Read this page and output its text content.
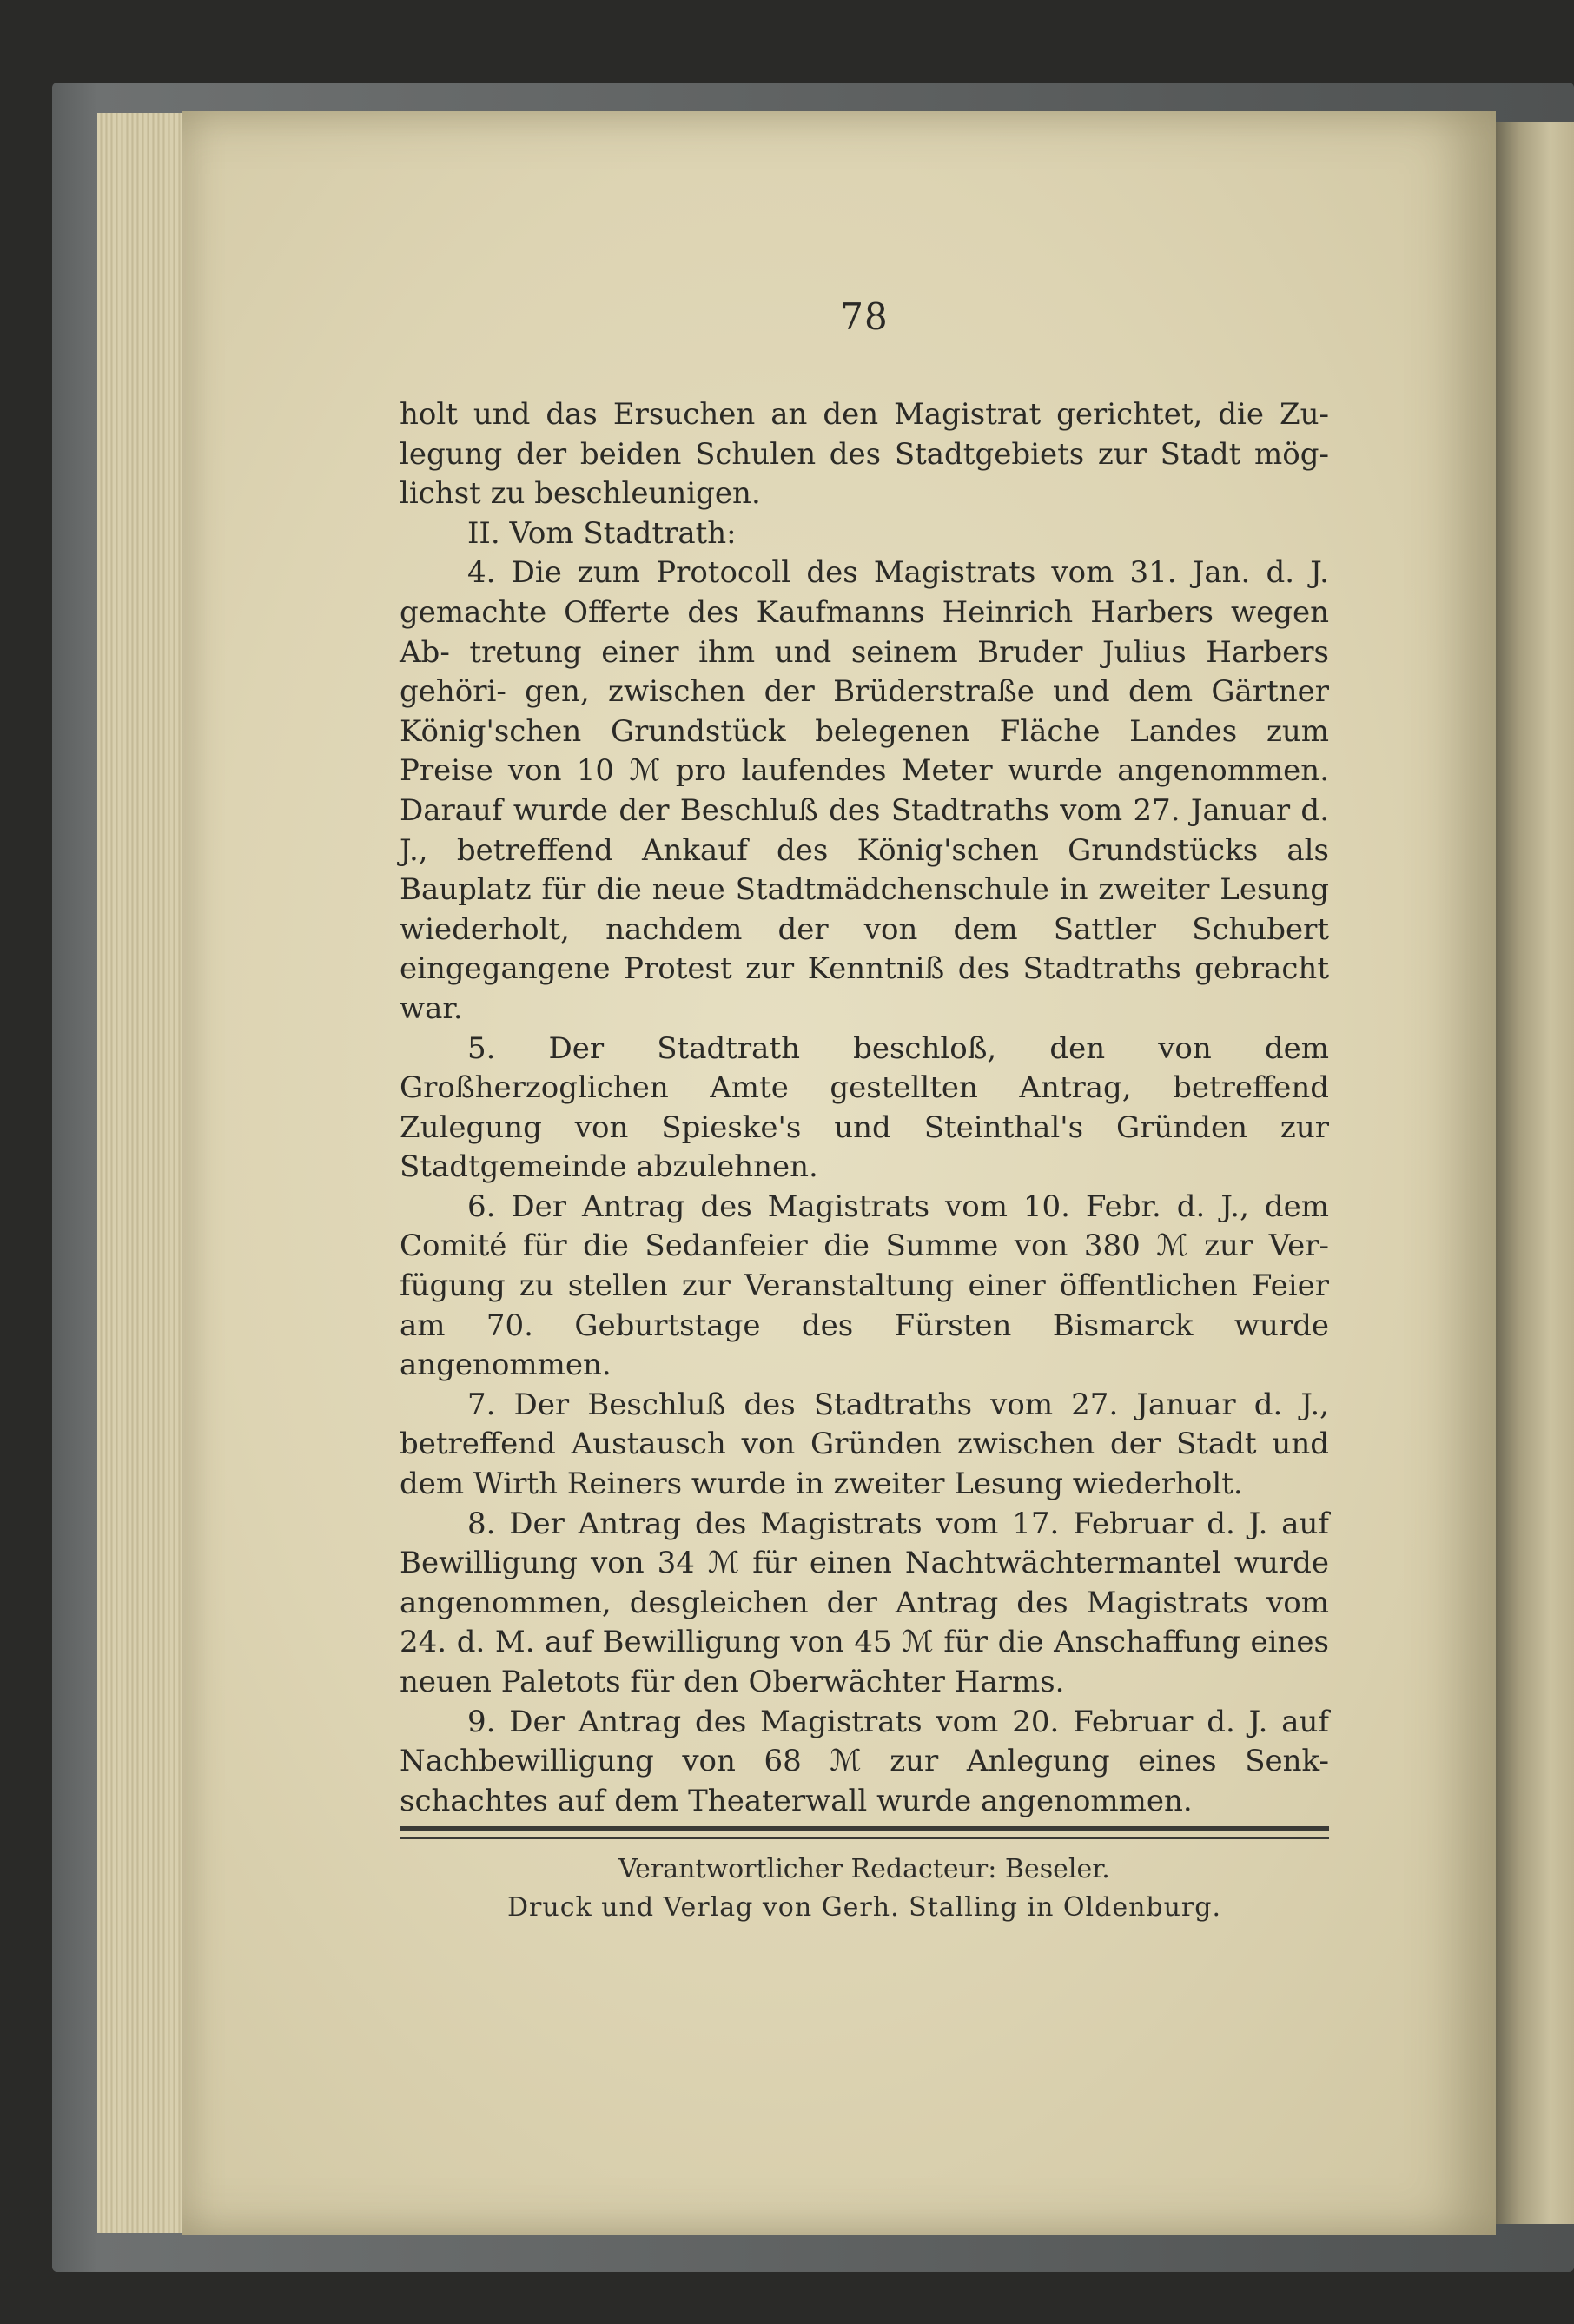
78

holt und das Ersuchen an den Magistrat gerichtet, die Zu- legung der beiden Schulen des Stadtgebiets zur Stadt mög- lichst zu beschleunigen.

II. Vom Stadtrath:

4. Die zum Protocoll des Magistrats vom 31. Jan. d. J. gemachte Offerte des Kaufmanns Heinrich Harbers wegen Ab- tretung einer ihm und seinem Bruder Julius Harbers gehöri- gen, zwischen der Brüderstraße und dem Gärtner König'schen Grundstück belegenen Fläche Landes zum Preise von 10 ℳ pro laufendes Meter wurde angenommen. Darauf wurde der Beschluß des Stadtraths vom 27. Januar d. J., betreffend Ankauf des König'schen Grundstücks als Bauplatz für die neue Stadtmädchenschule in zweiter Lesung wiederholt, nachdem der von dem Sattler Schubert eingegangene Protest zur Kenntniß des Stadtraths gebracht war.

5. Der Stadtrath beschloß, den von dem Großherzoglichen Amte gestellten Antrag, betreffend Zulegung von Spieske's und Steinthal's Gründen zur Stadtgemeinde abzulehnen.

6. Der Antrag des Magistrats vom 10. Febr. d. J., dem Comité für die Sedanfeier die Summe von 380 ℳ zur Ver- fügung zu stellen zur Veranstaltung einer öffentlichen Feier am 70. Geburtstage des Fürsten Bismarck wurde angenommen.

7. Der Beschluß des Stadtraths vom 27. Januar d. J., betreffend Austausch von Gründen zwischen der Stadt und dem Wirth Reiners wurde in zweiter Lesung wiederholt.

8. Der Antrag des Magistrats vom 17. Februar d. J. auf Bewilligung von 34 ℳ für einen Nachtwächtermantel wurde angenommen, desgleichen der Antrag des Magistrats vom 24. d. M. auf Bewilligung von 45 ℳ für die Anschaffung eines neuen Paletots für den Oberwächter Harms.

9. Der Antrag des Magistrats vom 20. Februar d. J. auf Nachbewilligung von 68 ℳ zur Anlegung eines Senk- schachtes auf dem Theaterwall wurde angenommen.

Verantwortlicher Redacteur: Beseler.
Druck und Verlag von Gerh. Stalling in Oldenburg.
